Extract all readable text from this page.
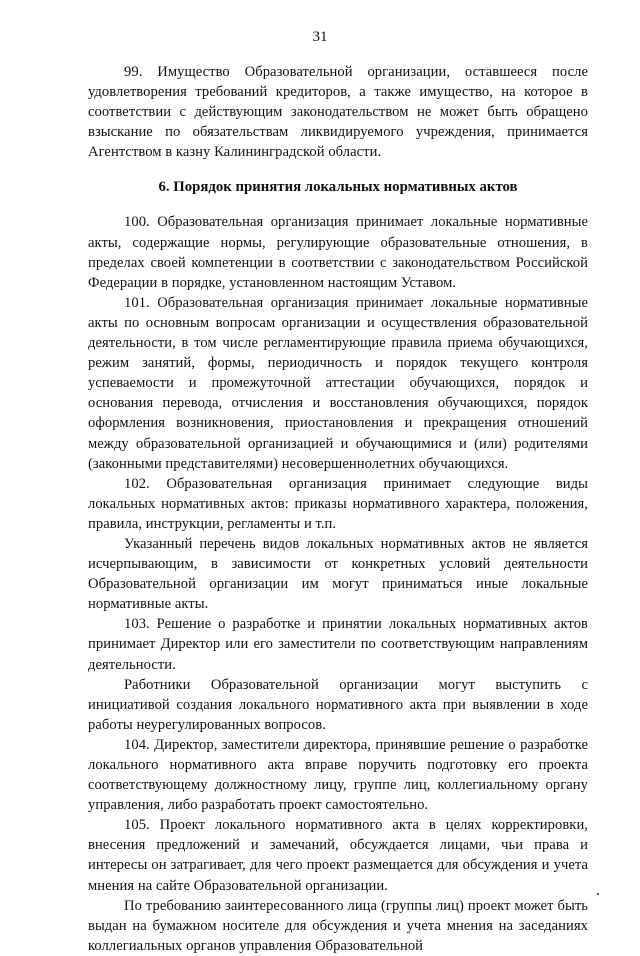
31

99. Имущество Образовательной организации, оставшееся после удовлетворения требований кредиторов, а также имущество, на которое в соответствии с действующим законодательством не может быть обращено взыскание по обязательствам ликвидируемого учреждения, принимается Агентством в казну Калининградской области.

6. Порядок принятия локальных нормативных актов

100. Образовательная организация принимает локальные нормативные акты, содержащие нормы, регулирующие образовательные отношения, в пределах своей компетенции в соответствии с законодательством Российской Федерации в порядке, установленном настоящим Уставом.

101. Образовательная организация принимает локальные нормативные акты по основным вопросам организации и осуществления образовательной деятельности, в том числе регламентирующие правила приема обучающихся, режим занятий, формы, периодичность и порядок текущего контроля успеваемости и промежуточной аттестации обучающихся, порядок и основания перевода, отчисления и восстановления обучающихся, порядок оформления возникновения, приостановления и прекращения отношений между образовательной организацией и обучающимися и (или) родителями (законными представителями) несовершеннолетних обучающихся.

102. Образовательная организация принимает следующие виды локальных нормативных актов: приказы нормативного характера, положения, правила, инструкции, регламенты и т.п.

Указанный перечень видов локальных нормативных актов не является исчерпывающим, в зависимости от конкретных условий деятельности Образовательной организации им могут приниматься иные локальные нормативные акты.

103. Решение о разработке и принятии локальных нормативных актов принимает Директор или его заместители по соответствующим направлениям деятельности.

Работники Образовательной организации могут выступить с инициативой создания локального нормативного акта при выявлении в ходе работы неурегулированных вопросов.

104. Директор, заместители директора, принявшие решение о разработке локального нормативного акта вправе поручить подготовку его проекта соответствующему должностному лицу, группе лиц, коллегиальному органу управления, либо разработать проект самостоятельно.

105. Проект локального нормативного акта в целях корректировки, внесения предложений и замечаний, обсуждается лицами, чьи права и интересы он затрагивает, для чего проект размещается для обсуждения и учета мнения на сайте Образовательной организации.

По требованию заинтересованного лица (группы лиц) проект может быть выдан на бумажном носителе для обсуждения и учета мнения на заседаниях коллегиальных органов управления Образовательной
